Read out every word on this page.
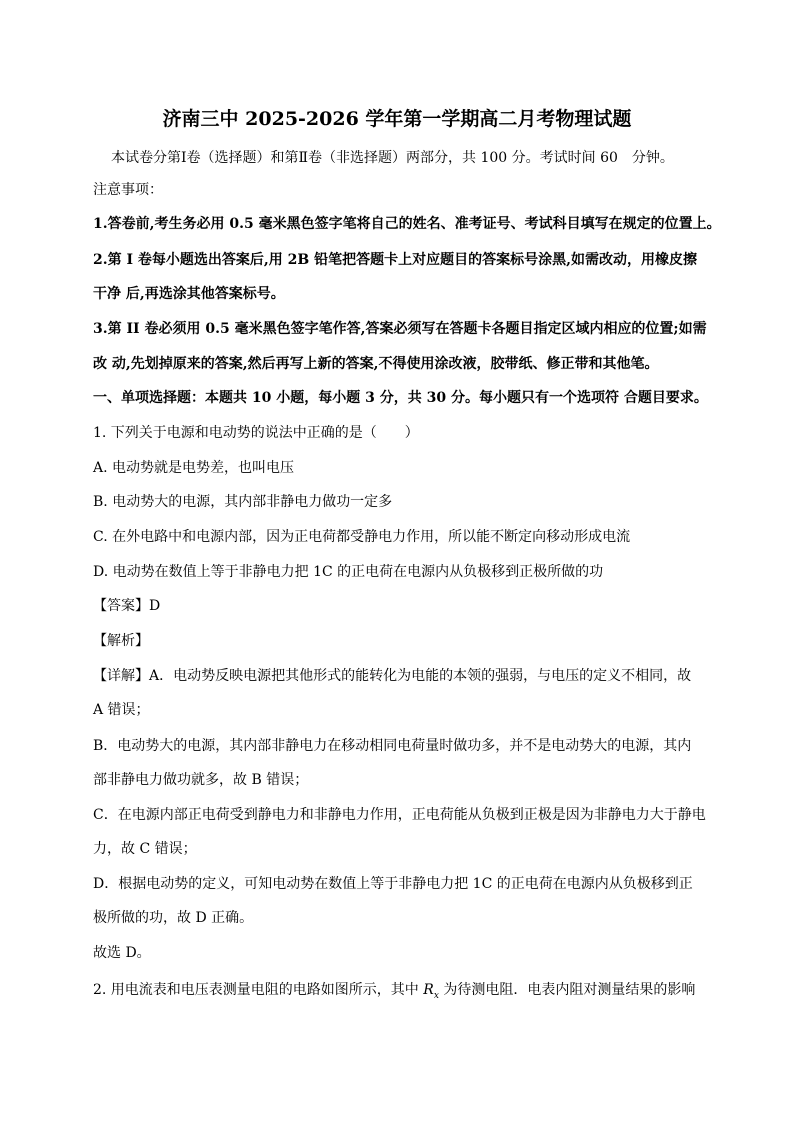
济南三中 2025-2026 学年第一学期高二月考物理试题
本试卷分第Ⅰ卷（选择题）和第Ⅱ卷（非选择题）两部分，共 100 分。考试时间 60　分钟。
注意事项：
1.答卷前,考生务必用 0.5 毫米黑色签字笔将自己的姓名、准考证号、考试科目填写在规定的位置上。
2.第 I 卷每小题选出答案后,用 2B 铅笔把答题卡上对应题目的答案标号涂黑,如需改动，用橡皮擦
干净 后,再选涂其他答案标号。
3.第 II 卷必须用 0.5 毫米黑色签字笔作答,答案必须写在答题卡各题目指定区域内相应的位置;如需
改 动,先划掉原来的答案,然后再写上新的答案,不得使用涂改液，胶带纸、修正带和其他笔。
一、单项选择题：本题共 10 小题，每小题 3 分，共 30 分。每小题只有一个选项符 合题目要求。
1. 下列关于电源和电动势的说法中正确的是（　　）
A. 电动势就是电势差，也叫电压
B. 电动势大的电源，其内部非静电力做功一定多
C. 在外电路中和电源内部，因为正电荷都受静电力作用，所以能不断定向移动形成电流
D. 电动势在数值上等于非静电力把 1C 的正电荷在电源内从负极移到正极所做的功
【答案】D
【解析】
【详解】A．电动势反映电源把其他形式的能转化为电能的本领的强弱，与电压的定义不相同，故
A 错误；
B．电动势大的电源，其内部非静电力在移动相同电荷量时做功多，并不是电动势大的电源，其内
部非静电力做功就多，故 B 错误；
C．在电源内部正电荷受到静电力和非静电力作用，正电荷能从负极到正极是因为非静电力大于静电
力，故 C 错误；
D．根据电动势的定义，可知电动势在数值上等于非静电力把 1C 的正电荷在电源内从负极移到正
极所做的功，故 D 正确。
故选 D。
2. 用电流表和电压表测量电阻的电路如图所示，其中 $R_x$ 为待测电阻．电表内阻对测量结果的影响
